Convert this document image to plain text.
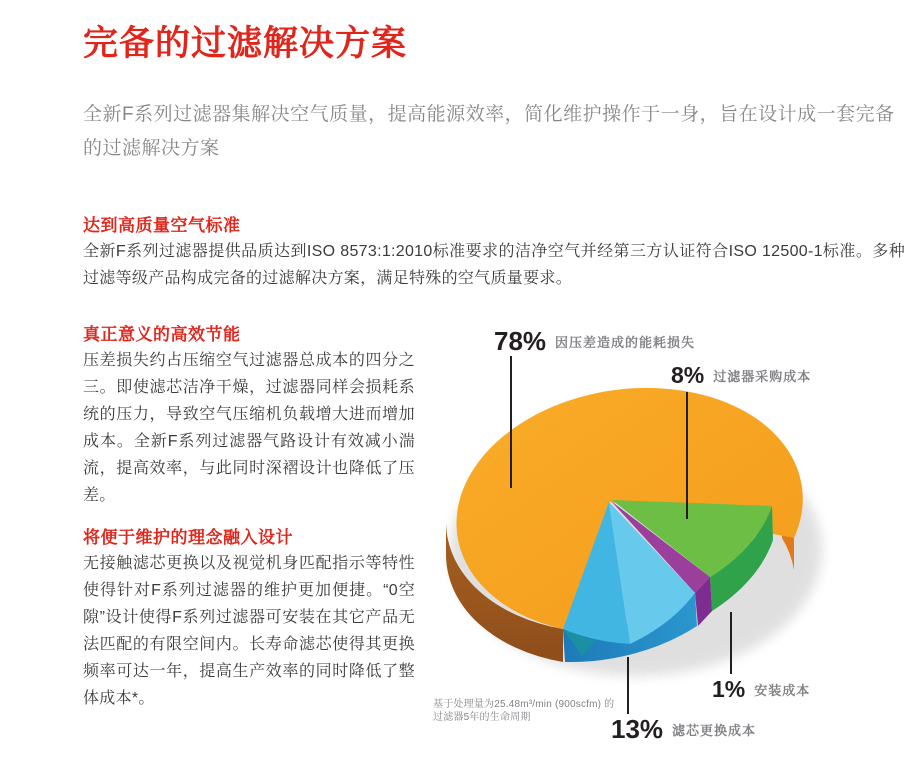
完备的过滤解决方案

全新F系列过滤器集解决空气质量，提高能源效率，简化维护操作于一身，旨在设计成一套完备的过滤解决方案

达到高质量空气标准

全新F系列过滤器提供品质达到ISO 8573:1:2010标准要求的洁净空气并经第三方认证符合ISO 12500-1标准。多种过滤等级产品构成完备的过滤解决方案，满足特殊的空气质量要求。

真正意义的高效节能

压差损失约占压缩空气过滤器总成本的四分之三。即使滤芯洁净干燥，过滤器同样会损耗系统的压力，导致空气压缩机负载增大进而增加成本。全新F系列过滤器气路设计有效减小湍流，提高效率，与此同时深褶设计也降低了压差。

将便于维护的理念融入设计

无接触滤芯更换以及视觉机身匹配指示等特性使得针对F系列过滤器的维护更加便捷。“0空隙”设计使得F系列过滤器可安装在其它产品无法匹配的有限空间内。长寿命滤芯使得其更换频率可达一年，提高生产效率的同时降低了整体成本*。

78% 因压差造成的能耗损失
8% 过滤器采购成本
1% 安装成本
13% 滤芯更换成本
基于处理量为25.48m³/min (900scfm) 的
过滤器5年的生命周期
